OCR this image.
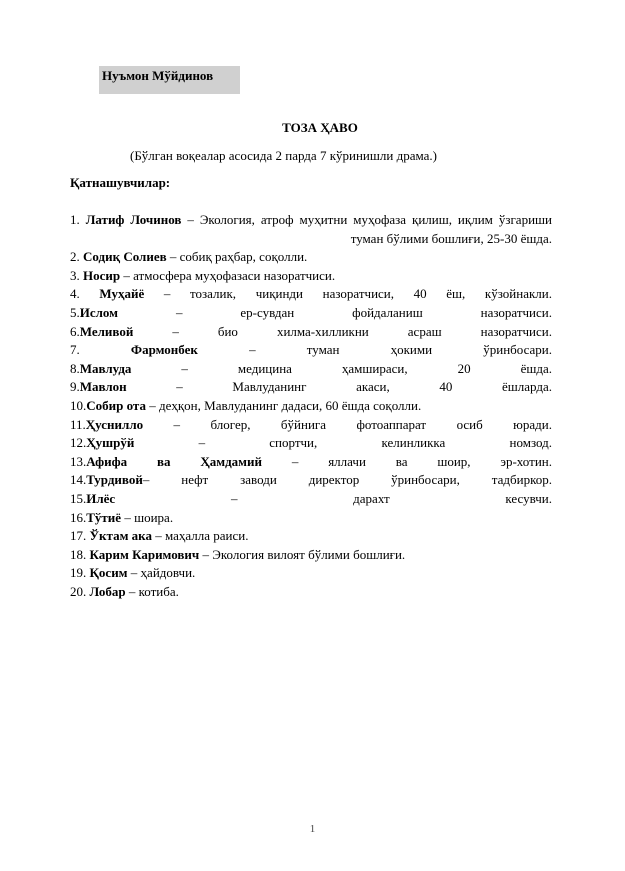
Нуъмон Мўйдинов
ТОЗА ҲАВО
(Бўлган воқеалар асосида 2 парда 7 кўринишли драма.)
Қатнашувчилар:
1. Латиф Лочинов – Экология, атроф муҳитни муҳофаза қилиш, иқлим ўзгариши туман бўлими бошлиғи, 25-30 ёшда.
2. Содиқ Солиев – собиқ раҳбар, соқолли.
3. Носир – атмосфера муҳофазаси назоратчиси.
4. Муҳайё – тозалик, чиқинди назоратчиси, 40 ёш, кўзойнакли.
5.Ислом – ер-сувдан фойдаланиш назоратчиси.
6.Меливой – био хилма-хилликни асраш назоратчиси.
7. Фармонбек – туман ҳокими ўринбосари.
8.Мавлуда – медицина ҳамшираси, 20 ёшда.
9.Мавлон – Мавлуданинг акаси, 40 ёшларда.
10.Собир ота – деҳқон, Мавлуданинг дадаси, 60 ёшда соқолли.
11.Ҳуснилло – блогер, бўйнига фотоаппарат осиб юради.
12.Ҳушрўй – спортчи, келинликка номзод.
13.Афифа ва Ҳамдамий – яллачи ва шоир, эр-хотин.
14.Турдивой– нефт заводи директор ўринбосари, тадбиркор.
15.Илёс – дарахт кесувчи.
16.Тўтиё – шоира.
17. Ўктам ака – маҳалла раиси.
18. Карим Каримович – Экология вилоят бўлими бошлиғи.
19. Қосим – ҳайдовчи.
20. Лобар – котиба.
1
